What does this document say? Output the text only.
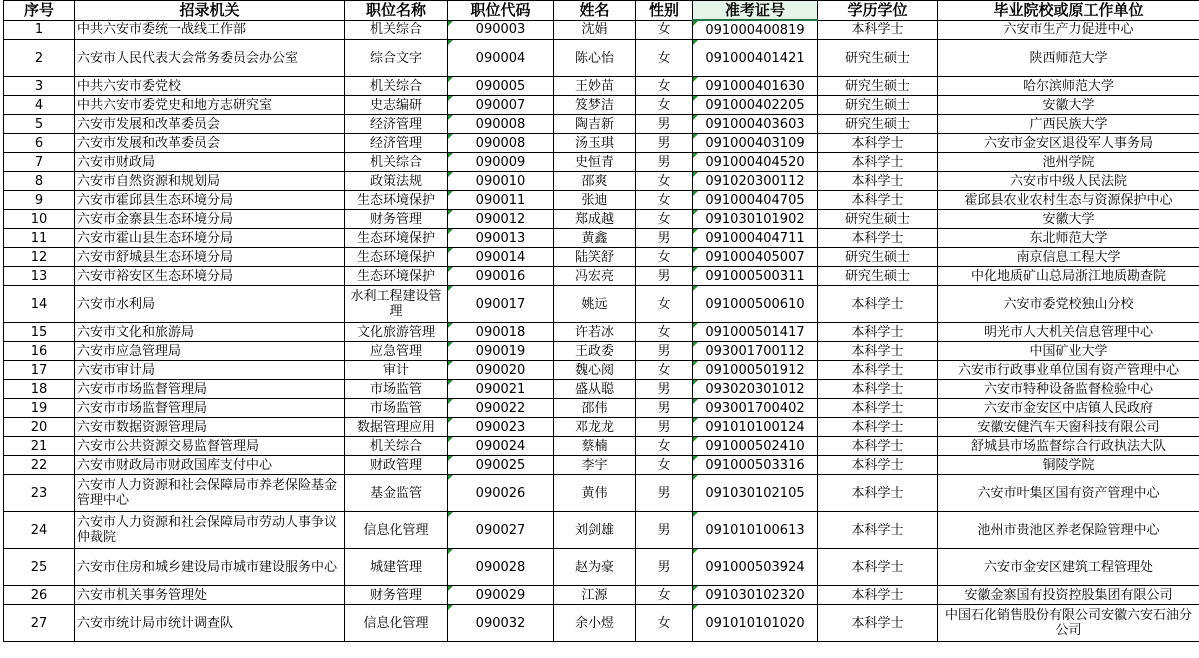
序号	招录机关	职位名称	职位代码	姓名	性别	准考证号	学历学位	毕业院校或原工作单位
1	中共六安市委统一战线工作部	机关综合	090003	沈娟	女	091000400819	本科学士	六安市生产力促进中心
2	六安市人民代表大会常务委员会办公室	综合文字	090004	陈心怡	女	091000401421	研究生硕士	陕西师范大学
3	中共六安市委党校	机关综合	090005	王妙苗	女	091000401630	研究生硕士	哈尔滨师范大学
4	中共六安市委党史和地方志研究室	史志编研	090007	笈梦洁	女	091000402205	研究生硕士	安徽大学
5	六安市发展和改革委员会	经济管理	090008	陶吉新	男	091000403603	研究生硕士	广西民族大学
6	六安市发展和改革委员会	经济管理	090008	汤玉琪	男	091000403109	本科学士	六安市金安区退役军人事务局
7	六安市财政局	机关综合	090009	史恒青	男	091000404520	本科学士	池州学院
8	六安市自然资源和规划局	政策法规	090010	邵爽	女	091020300112	本科学士	六安市中级人民法院
9	六安市霍邱县生态环境分局	生态环境保护	090011	张迪	女	091000404705	本科学士	霍邱县农业农村生态与资源保护中心
10	六安市金寨县生态环境分局	财务管理	090012	郑成越	女	091030101902	研究生硕士	安徽大学
11	六安市霍山县生态环境分局	生态环境保护	090013	黄鑫	男	091000404711	本科学士	东北师范大学
12	六安市舒城县生态环境分局	生态环境保护	090014	陆笑舒	女	091000405007	研究生硕士	南京信息工程大学
13	六安市裕安区生态环境分局	生态环境保护	090016	冯宏亮	男	091000500311	研究生硕士	中化地质矿山总局浙江地质勘查院
14	六安市水利局	水利工程建设管理	090017	姚远	女	091000500610	本科学士	六安市委党校独山分校
15	六安市文化和旅游局	文化旅游管理	090018	许若冰	女	091000501417	本科学士	明光市人大机关信息管理中心
16	六安市应急管理局	应急管理	090019	王政委	男	093001700112	本科学士	中国矿业大学
17	六安市审计局	审计	090020	魏心阅	女	091000501912	本科学士	六安市行政事业单位国有资产管理中心
18	六安市市场监督管理局	市场监管	090021	盛从聪	男	093020301012	本科学士	六安市特种设备监督检验中心
19	六安市市场监督管理局	市场监管	090022	邵伟	男	093001700402	本科学士	六安市金安区中店镇人民政府
20	六安市数据资源管理局	数据管理应用	090023	邓龙龙	男	091010100124	本科学士	安徽安健汽车天窗科技有限公司
21	六安市公共资源交易监督管理局	机关综合	090024	蔡楠	女	091000502410	本科学士	舒城县市场监督综合行政执法大队
22	六安市财政局市财政国库支付中心	财政管理	090025	李宇	女	091000503316	本科学士	铜陵学院
23	六安市人力资源和社会保障局市养老保险基金管理中心	基金监管	090026	黄伟	男	091030102105	本科学士	六安市叶集区国有资产管理中心
24	六安市人力资源和社会保障局市劳动人事争议仲裁院	信息化管理	090027	刘剑雄	男	091010100613	本科学士	池州市贵池区养老保险管理中心
25	六安市住房和城乡建设局市城市建设服务中心	城建管理	090028	赵为豪	男	091000503924	本科学士	六安市金安区建筑工程管理处
26	六安市机关事务管理处	财务管理	090029	江源	女	091030102320	本科学士	安徽金寨国有投资控股集团有限公司
27	六安市统计局市统计调查队	信息化管理	090032	余小煜	女	091010101020	本科学士	中国石化销售股份有限公司安徽六安石油分公司
